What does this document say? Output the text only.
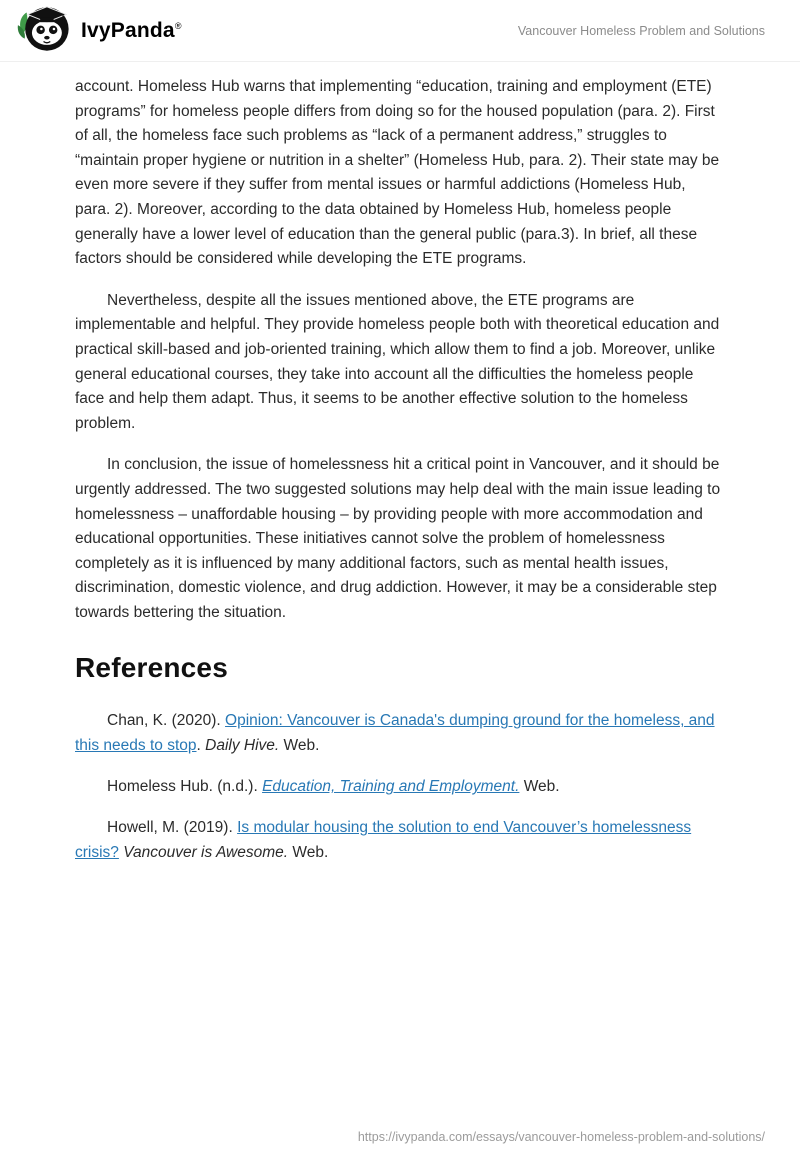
IvyPanda®	Vancouver Homeless Problem and Solutions

account. Homeless Hub warns that implementing “education, training and employment (ETE) programs” for homeless people differs from doing so for the housed population (para. 2). First of all, the homeless face such problems as “lack of a permanent address,” struggles to “maintain proper hygiene or nutrition in a shelter” (Homeless Hub, para. 2). Their state may be even more severe if they suffer from mental issues or harmful addictions (Homeless Hub, para. 2). Moreover, according to the data obtained by Homeless Hub, homeless people generally have a lower level of education than the general public (para.3). In brief, all these factors should be considered while developing the ETE programs.

Nevertheless, despite all the issues mentioned above, the ETE programs are implementable and helpful. They provide homeless people both with theoretical education and practical skill-based and job-oriented training, which allow them to find a job. Moreover, unlike general educational courses, they take into account all the difficulties the homeless people face and help them adapt. Thus, it seems to be another effective solution to the homeless problem.

In conclusion, the issue of homelessness hit a critical point in Vancouver, and it should be urgently addressed. The two suggested solutions may help deal with the main issue leading to homelessness – unaffordable housing – by providing people with more accommodation and educational opportunities. These initiatives cannot solve the problem of homelessness completely as it is influenced by many additional factors, such as mental health issues, discrimination, domestic violence, and drug addiction. However, it may be a considerable step towards bettering the situation.

References

Chan, K. (2020). Opinion: Vancouver is Canada's dumping ground for the homeless, and this needs to stop. Daily Hive. Web.

Homeless Hub. (n.d.). Education, Training and Employment. Web.

Howell, M. (2019). Is modular housing the solution to end Vancouver’s homelessness crisis? Vancouver is Awesome. Web.

https://ivypanda.com/essays/vancouver-homeless-problem-and-solutions/
